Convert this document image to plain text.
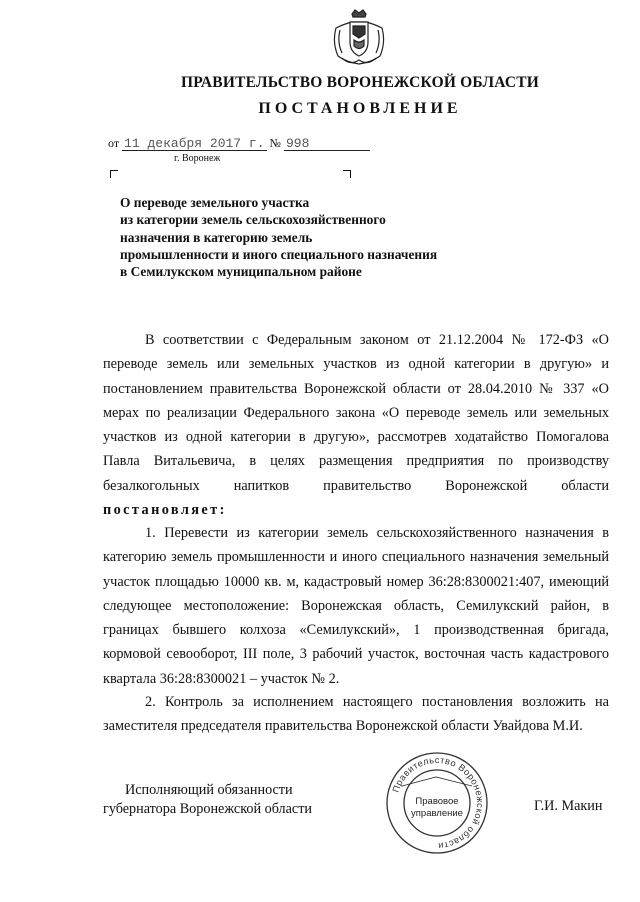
ПРАВИТЕЛЬСТВО ВОРОНЕЖСКОЙ ОБЛАСТИ
ПОСТАНОВЛЕНИЕ
от 11 декабря 2017 г. № 998
г. Воронеж
О переводе земельного участка
из категории земель сельскохозяйственного
назначения в категорию земель
промышленности и иного специального назначения
в Семилукском муниципальном районе
В соответствии с Федеральным законом от 21.12.2004 № 172-ФЗ «О переводе земель или земельных участков из одной категории в другую» и постановлением правительства Воронежской области от 28.04.2010 № 337 «О мерах по реализации Федерального закона «О переводе земель или земельных участков из одной категории в другую», рассмотрев ходатайство Помогалова Павла Витальевича, в целях размещения предприятия по производству безалкогольных напитков правительство Воронежской области постановляет:
1. Перевести из категории земель сельскохозяйственного назначения в категорию земель промышленности и иного специального назначения земельный участок площадью 10000 кв. м, кадастровый номер 36:28:8300021:407, имеющий следующее местоположение: Воронежская область, Семилукский район, в границах бывшего колхоза «Семилукский», 1 производственная бригада, кормовой севооборот, III поле, 3 рабочий участок, восточная часть кадастрового квартала 36:28:8300021 – участок № 2.
2. Контроль за исполнением настоящего постановления возложить на заместителя председателя правительства Воронежской области Увайдова М.И.
Исполняющий обязанности
губернатора Воронежской области
Правительство Воронежской области
Правовое
управление	Г.И. Макин
